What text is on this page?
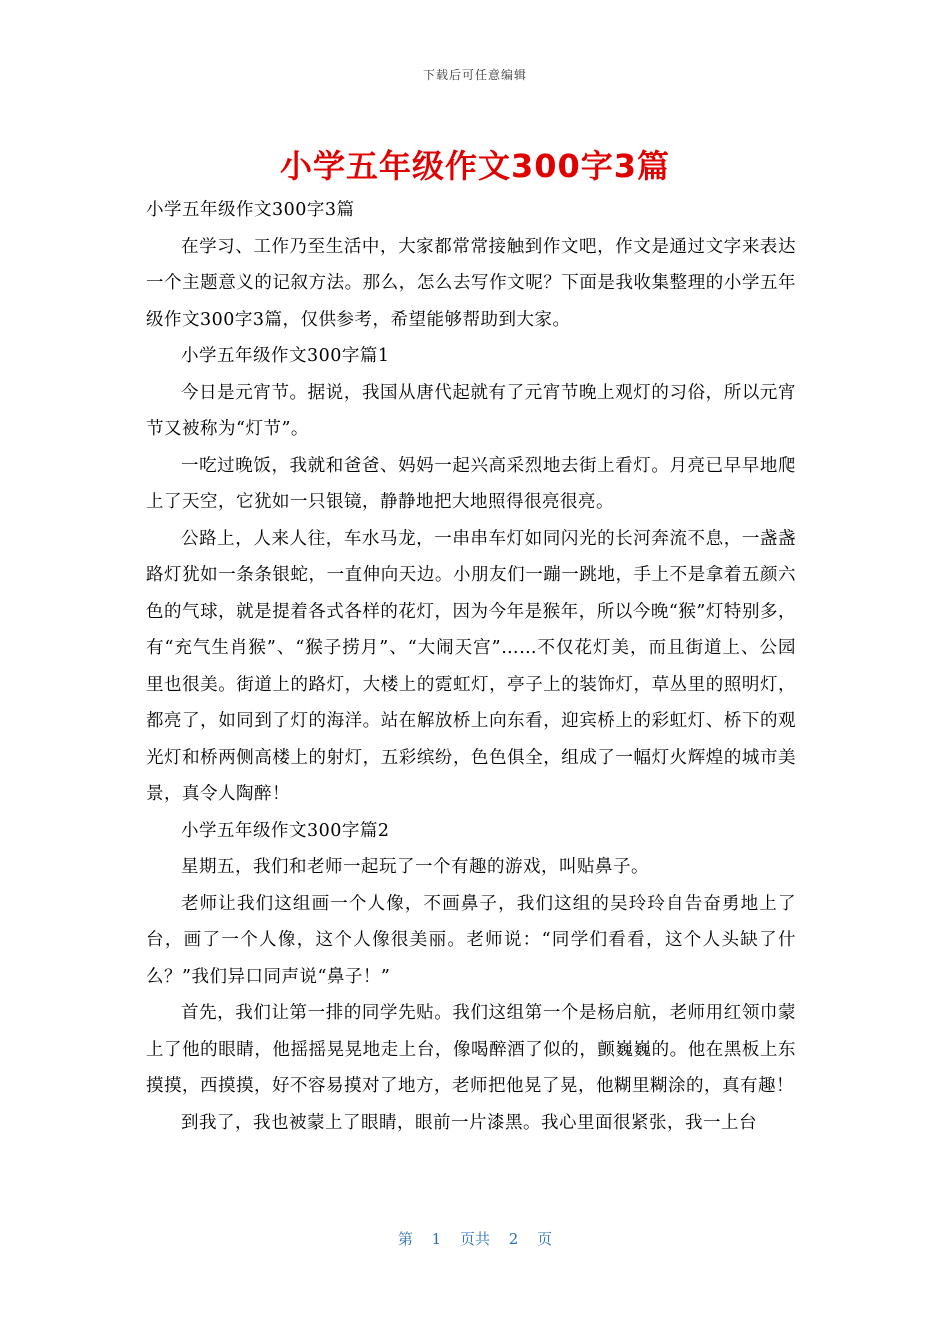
下载后可任意编辑
小学五年级作文300字3篇

小学五年级作文300字3篇

在学习、工作乃至生活中，大家都常常接触到作文吧，作文是通过文字来表达一个主题意义的记叙方法。那么，怎么去写作文呢？下面是我收集整理的小学五年级作文300字3篇，仅供参考，希望能够帮助到大家。

小学五年级作文300字篇1

今日是元宵节。据说，我国从唐代起就有了元宵节晚上观灯的习俗，所以元宵节又被称为“灯节”。

一吃过晚饭，我就和爸爸、妈妈一起兴高采烈地去街上看灯。月亮已早早地爬上了天空，它犹如一只银镜，静静地把大地照得很亮很亮。

公路上，人来人往，车水马龙，一串串车灯如同闪光的长河奔流不息，一盏盏路灯犹如一条条银蛇，一直伸向天边。小朋友们一蹦一跳地，手上不是拿着五颜六色的气球，就是提着各式各样的花灯，因为今年是猴年，所以今晚“猴”灯特别多，有“充气生肖猴”、“猴子捞月”、“大闹天宫”……不仅花灯美，而且街道上、公园里也很美。街道上的路灯，大楼上的霓虹灯，亭子上的装饰灯，草丛里的照明灯，都亮了，如同到了灯的海洋。站在解放桥上向东看，迎宾桥上的彩虹灯、桥下的观光灯和桥两侧高楼上的射灯，五彩缤纷，色色俱全，组成了一幅灯火辉煌的城市美景，真令人陶醉！

小学五年级作文300字篇2

星期五，我们和老师一起玩了一个有趣的游戏，叫贴鼻子。

老师让我们这组画一个人像，不画鼻子，我们这组的吴玲玲自告奋勇地上了台，画了一个人像，这个人像很美丽。老师说：“同学们看看，这个人头缺了什么？”我们异口同声说“鼻子！”

首先，我们让第一排的同学先贴。我们这组第一个是杨启航，老师用红领巾蒙上了他的眼睛，他摇摇晃晃地走上台，像喝醉酒了似的，颤巍巍的。他在黑板上东摸摸，西摸摸，好不容易摸对了地方，老师把他晃了晃，他糊里糊涂的，真有趣！

到我了，我也被蒙上了眼睛，眼前一片漆黑。我心里面很紧张，我一上台

第 1 页共 2 页
